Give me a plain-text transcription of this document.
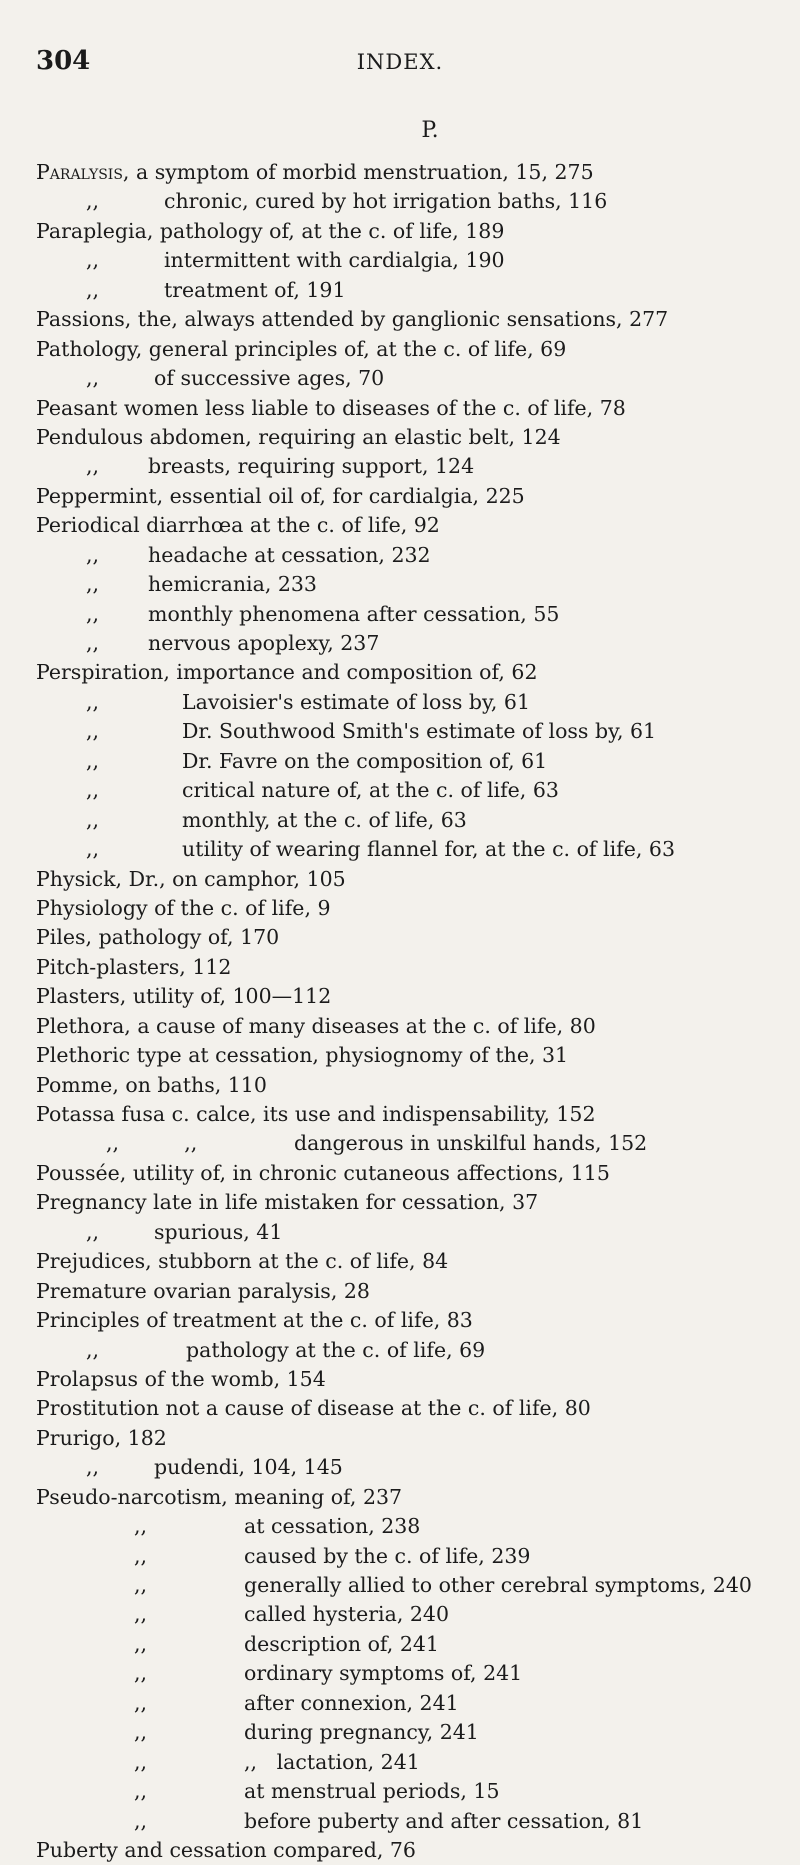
304	INDEX.
P.
Paralysis, a symptom of morbid menstruation, 15, 275
,,	chronic, cured by hot irrigation baths, 116
Paraplegia, pathology of, at the c. of life, 189
,,	intermittent with cardialgia, 190
,,	treatment of, 191
Passions, the, always attended by ganglionic sensations, 277
Pathology, general principles of, at the c. of life, 69
,,	of successive ages, 70
Peasant women less liable to diseases of the c. of life, 78
Pendulous abdomen, requiring an elastic belt, 124
,, breasts, requiring support, 124
Peppermint, essential oil of, for cardialgia, 225
Periodical diarrhœa at the c. of life, 92
,, headache at cessation, 232
,, hemicrania, 233
,, monthly phenomena after cessation, 55
,, nervous apoplexy, 237
Perspiration, importance and composition of, 62
,,	Lavoisier's estimate of loss by, 61
,,	Dr. Southwood Smith's estimate of loss by, 61
,,	Dr. Favre on the composition of, 61
,,	critical nature of, at the c. of life, 63
,,	monthly, at the c. of life, 63
,,	utility of wearing flannel for, at the c. of life, 63
Physick, Dr., on camphor, 105
Physiology of the c. of life, 9
Piles, pathology of, 170
Pitch-plasters, 112
Plasters, utility of, 100—112
Plethora, a cause of many diseases at the c. of life, 80
Plethoric type at cessation, physiognomy of the, 31
Pomme, on baths, 110
Potassa fusa c. calce, its use and indispensability, 152
,,          ,,	dangerous in unskilful hands, 152
Poussée, utility of, in chronic cutaneous affections, 115
Pregnancy late in life mistaken for cessation, 37
,,	spurious, 41
Prejudices, stubborn at the c. of life, 84
Premature ovarian paralysis, 28
Principles of treatment at the c. of life, 83
,,	pathology at the c. of life, 69
Prolapsus of the womb, 154
Prostitution not a cause of disease at the c. of life, 80
Prurigo, 182
,,	pudendi, 104, 145
Pseudo-narcotism, meaning of, 237
,,	at cessation, 238
,,	caused by the c. of life, 239
,,	generally allied to other cerebral symptoms, 240
,,	called hysteria, 240
,,	description of, 241
,,	ordinary symptoms of, 241
,,	after connexion, 241
,,	during pregnancy, 241
,,	,,   lactation, 241
,,	at menstrual periods, 15
,,	before puberty and after cessation, 81
Puberty and cessation compared, 76
